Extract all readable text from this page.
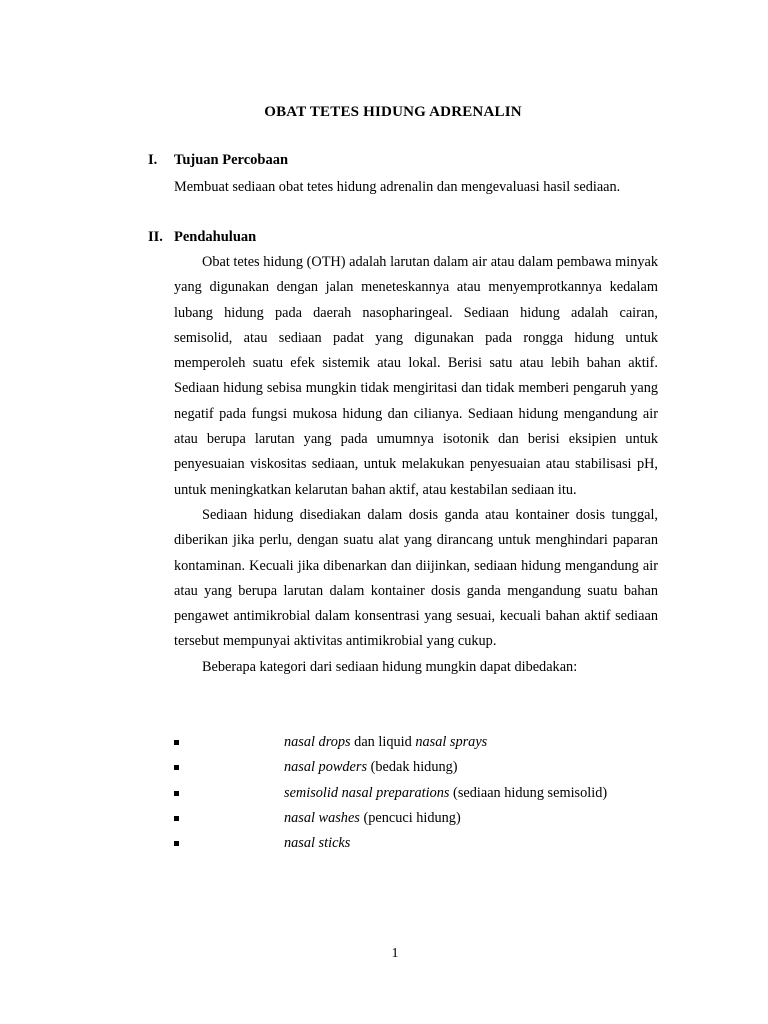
OBAT TETES HIDUNG ADRENALIN
I. Tujuan Percobaan

Membuat sediaan obat tetes hidung adrenalin dan mengevaluasi hasil sediaan.

II. Pendahuluan

Obat tetes hidung (OTH) adalah larutan dalam air atau dalam pembawa minyak yang digunakan dengan jalan meneteskannya atau menyemprotkannya kedalam lubang hidung pada daerah nasopharingeal. Sediaan hidung adalah cairan, semisolid, atau sediaan padat yang digunakan pada rongga hidung untuk memperoleh suatu efek sistemik atau lokal. Berisi satu atau lebih bahan aktif. Sediaan hidung sebisa mungkin tidak mengiritasi dan tidak memberi pengaruh yang negatif pada fungsi mukosa hidung dan cilianya. Sediaan hidung mengandung air atau berupa larutan yang pada umumnya isotonik dan berisi eksipien untuk penyesuaian viskositas sediaan, untuk melakukan penyesuaian atau stabilisasi pH, untuk meningkatkan kelarutan bahan aktif, atau kestabilan sediaan itu.

Sediaan hidung disediakan dalam dosis ganda atau kontainer dosis tunggal, diberikan jika perlu, dengan suatu alat yang dirancang untuk menghindari paparan kontaminan. Kecuali jika dibenarkan dan diijinkan, sediaan hidung mengandung air atau yang berupa larutan dalam kontainer dosis ganda mengandung suatu bahan pengawet antimikrobial dalam konsentrasi yang sesuai, kecuali bahan aktif sediaan tersebut mempunyai aktivitas antimikrobial yang cukup.

Beberapa kategori dari sediaan hidung mungkin dapat dibedakan:

nasal drops dan liquid nasal sprays
nasal powders (bedak hidung)
semisolid nasal preparations (sediaan hidung semisolid)
nasal washes (pencuci hidung)
nasal sticks
1
